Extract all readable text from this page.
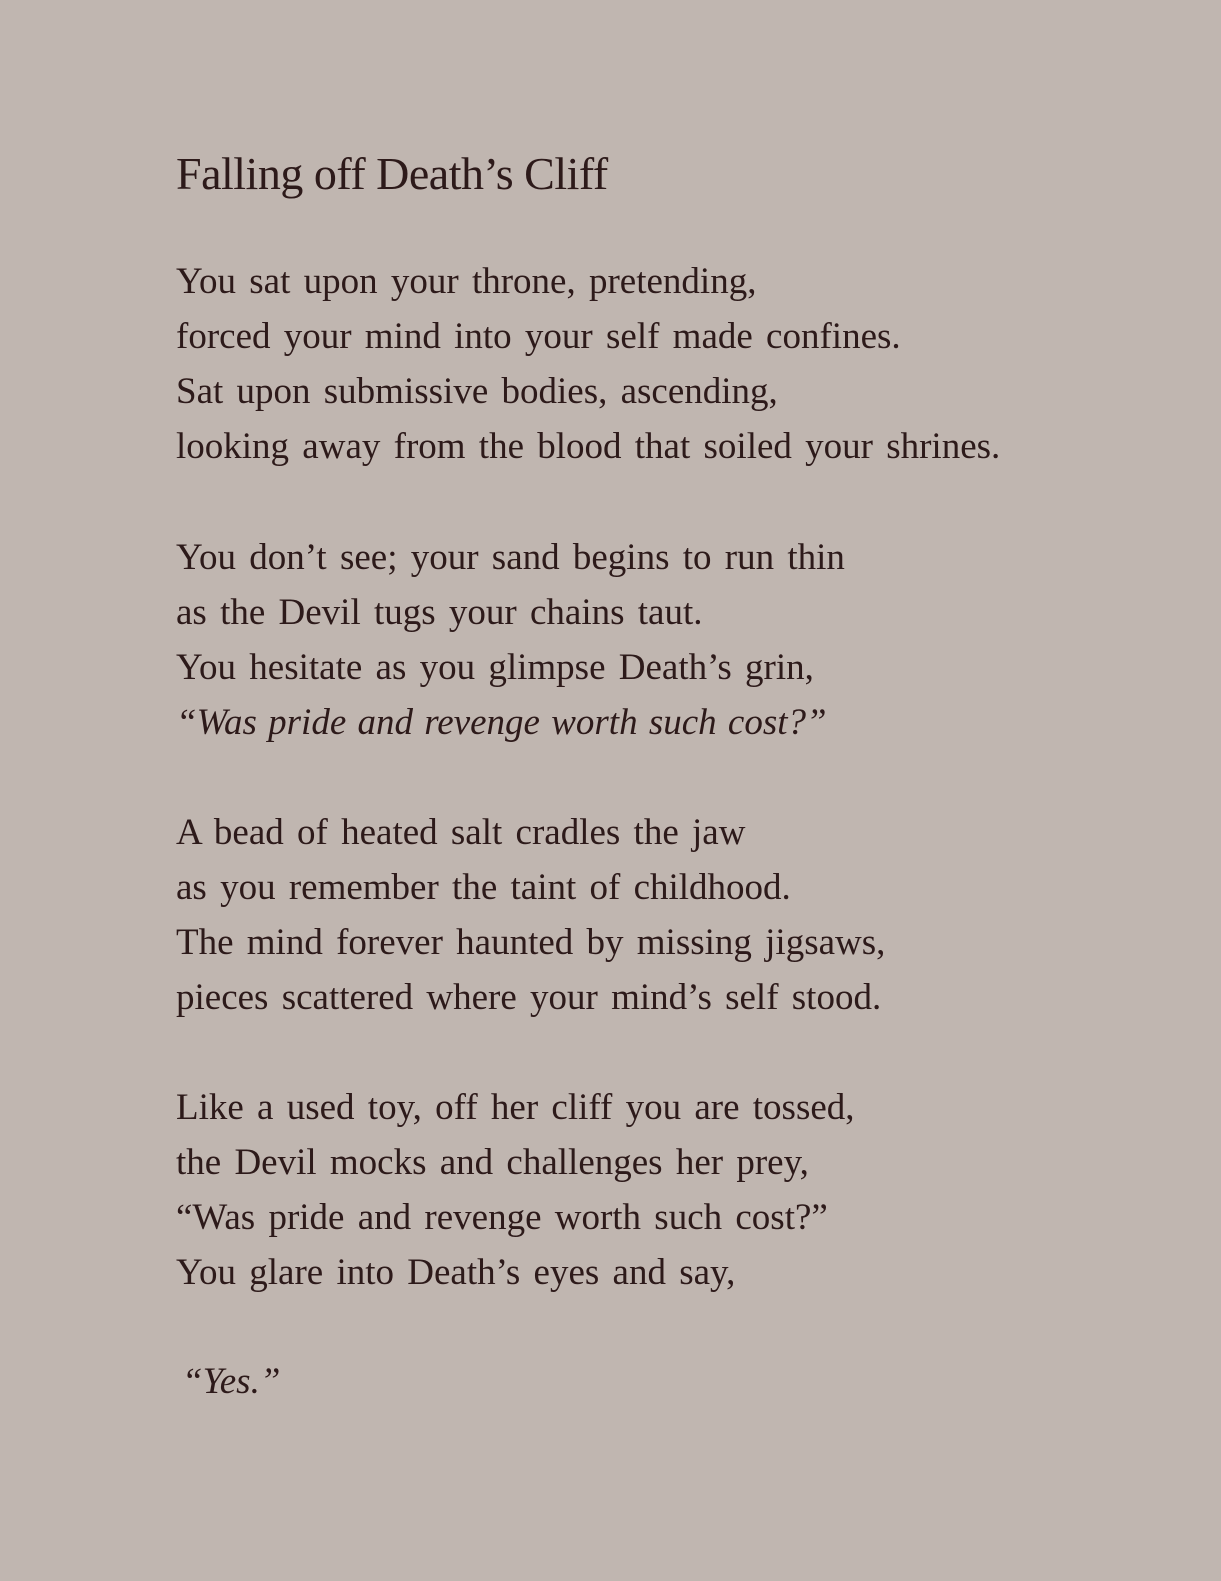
Falling off Death’s Cliff
You sat upon your throne, pretending,
forced your mind into your self made confines.
Sat upon submissive bodies, ascending,
looking away from the blood that soiled your shrines.
You don’t see; your sand begins to run thin
as the Devil tugs your chains taut.
You hesitate as you glimpse Death’s grin,
“Was pride and revenge worth such cost?”
A bead of heated salt cradles the jaw
as you remember the taint of childhood.
The mind forever haunted by missing jigsaws,
pieces scattered where your mind’s self stood.
Like a used toy, off her cliff you are tossed,
the Devil mocks and challenges her prey,
“Was pride and revenge worth such cost?”
You glare into Death’s eyes and say,

“Yes.”
